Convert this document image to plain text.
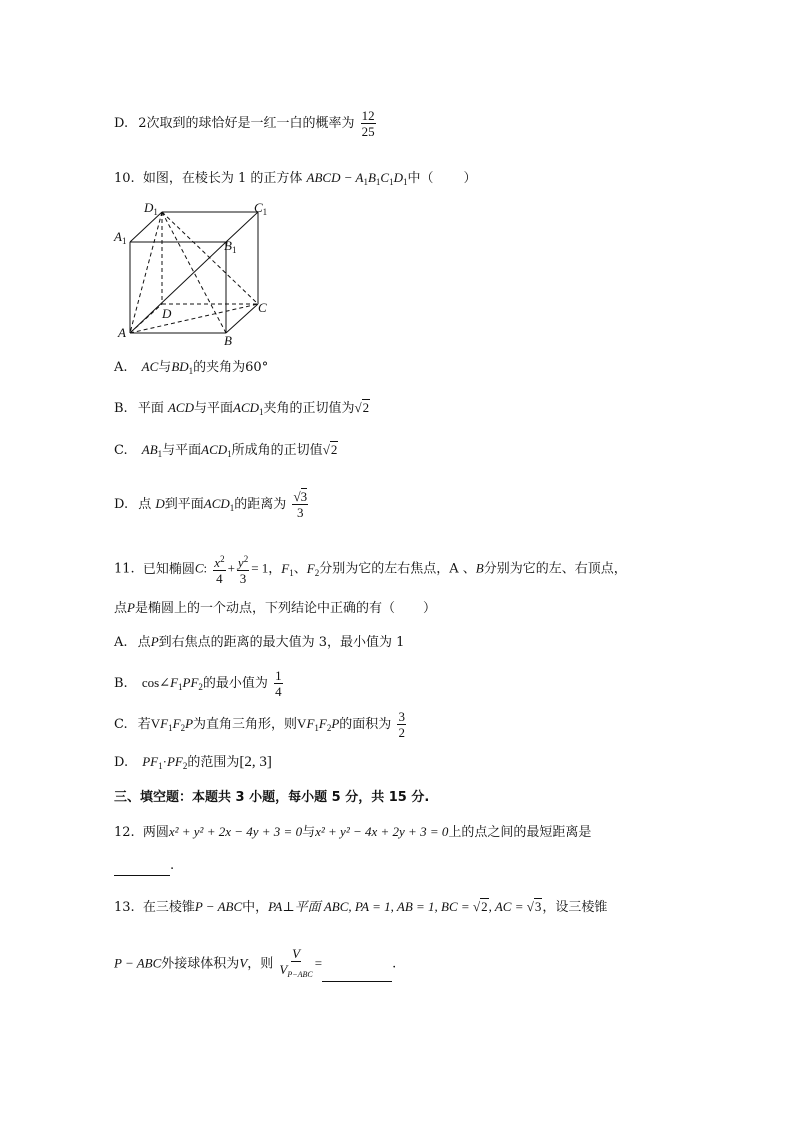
D. 2次取到的球恰好是一红一白的概率为 $\frac{12}{25}$
10. 如图，在棱长为 1 的正方体 ABCD − $A_1B_1C_1D_1$中（ ）
$D_1$	$C_1$
$A_1$	$B_1$
D	C
A
B
A. AC与$BD_1$的夹角为60°
B. 平面 ACD与平面$ACD_1$夹角的正切值为√2
C. $AB_1$与平面$ACD_1$所成角的正切值√2
D. 点 D到平面$ACD_1$的距离为 $\frac{√3}{3}$
11. 已知椭圆C: $\frac{x^2}{4} + \frac{y^2}{3} = 1$，$F_1$、$F_2$分别为它的左右焦点，A 、B分别为它的左、右顶点，
点P是椭圆上的一个动点，下列结论中正确的有（ ）
A. 点P到右焦点的距离的最大值为 3，最小值为 1
B. $\cos\angle F_1PF_2$的最小值为 $\frac{1}{4}$
C. 若$VF_1F_2P$为直角三角形，则$VF_1F_2P$的面积为 $\frac{3}{2}$
D. $PF_1\cdot PF_2$的范围为[2, 3]
三、填空题：本题共 3 小题，每小题 5 分，共 15 分.
12. 两圆x² + y² + 2x − 4y + 3 = 0与x² + y² − 4x + 2y + 3 = 0上的点之间的最短距离是
.
13. 在三棱锥P − ABC中，PA⊥平面 ABC, PA = 1, AB = 1, BC = √2, AC = √3，设三棱锥
P − ABC外接球体积为V，则 $\frac{V}{V_{P-ABC}}$ =	.
